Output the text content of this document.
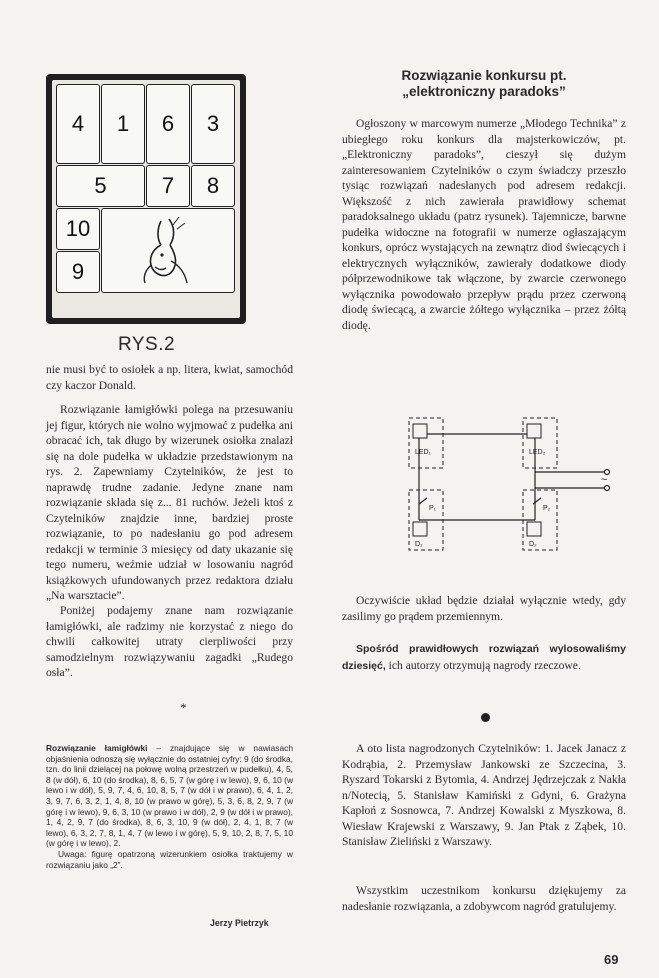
4	1	6	3
5	7	8
10
9
RYS.2

nie musi być to osiołek a np. litera, kwiat, samochód czy kaczor Donald.

Rozwiązanie łamigłówki polega na przesuwaniu jej figur, których nie wolno wyjmować z pudełka ani obracać ich, tak długo by wizerunek osiołka znalazł się na dole pudełka w układzie przedstawionym na rys. 2. Zapewniamy Czytelników, że jest to naprawdę trudne zadanie. Jedyne znane nam rozwiązanie składa się z... 81 ruchów. Jeżeli ktoś z Czytelników znajdzie inne, bardziej proste rozwiązanie, to po nadesłaniu go pod adresem redakcji w terminie 3 miesięcy od daty ukazanie się tego numeru, weźmie udział w losowaniu nagród książkowych ufundowanych przez redaktora działu „Na warsztacie”.

Poniżej podajemy znane nam rozwiązanie łamigłówki, ale radzimy nie korzystać z niego do chwili całkowitej utraty cierpliwości przy samodzielnym rozwiązywaniu zagadki „Rudego osła”.

*

Rozwiązanie łamigłówki – znajdujące się w nawiasach objaśnienia odnoszą się wyłącznie do ostatniej cyfry: 9 (do środka, tzn. do linii dzielącej na połowę wolną przestrzeń w pudełku), 4, 5, 8 (w dół), 6, 10 (do środka), 8, 6, 5, 7 (w górę i w lewo), 9, 6, 10 (w lewo i w dół), 5, 9, 7, 4, 6, 10, 8, 5, 7 (w dół i w prawo), 6, 4, 1, 2, 3, 9, 7, 6, 3, 2, 1, 4, 8, 10 (w prawo w górę), 5, 3, 6, 8, 2, 9, 7 (w górę i w lewo), 9, 6, 3, 10 (w prawo i w dół), 2, 9 (w dół i w prawo), 1, 4, 2, 9, 7 (do środka), 8, 6, 3, 10, 9 (w dół), 2, 4, 1, 8, 7 (w lewo), 6, 3, 2, 7, 8, 1, 4, 7 (w lewo i w górę), 5, 9, 10, 2, 8, 7, 5, 10 (w górę i w lewo), 2.

Uwaga: figurę opatrzoną wizerunkiem osiołka traktujemy w rozwiązaniu jako „2”.

Jerzy Pietrzyk
Rozwiązanie konkursu pt.
„elektroniczny paradoks”

Ogłoszony w marcowym numerze „Młodego Technika” z ubiegłego roku konkurs dla majsterkowiczów, pt. „Elektroniczny paradoks”, cieszył się dużym zainteresowaniem Czytelników o czym świadczy przeszło tysiąc rozwiązań nadesłanych pod adresem redakcji. Większość z nich zawierała prawidłowy schemat paradoksalnego układu (patrz rysunek). Tajemnicze, barwne pudełka widoczne na fotografii w numerze ogłaszającym konkurs, oprócz wystających na zewnątrz diod świecących i elektrycznych wyłączników, zawierały dodatkowe diody półprzewodnikowe tak włączone, by zwarcie czerwonego wyłącznika powodowało przepływ prądu przez czerwoną diodę świecącą, a zwarcie żółtego wyłącznika – przez żółtą diodę.

LED₁	LED₂
D₁	D₂
P₁	P₂
~

Oczywiście układ będzie działał wyłącznie wtedy, gdy zasilimy go prądem przemiennym.

Spośród prawidłowych rozwiązań wylosowaliśmy dziesięć, ich autorzy otrzymują nagrody rzeczowe.

A oto lista nagrodzonych Czytelników: 1. Jacek Janacz z Kodrąbia, 2. Przemysław Jankowski ze Szczecina, 3. Ryszard Tokarski z Bytomia, 4. Andrzej Jędrzejczak z Nakła n/Notecią, 5. Stanisław Kamiński z Gdyni, 6. Grażyna Kapłoń z Sosnowca, 7. Andrzej Kowalski z Myszkowa, 8. Wiesław Krajewski z Warszawy, 9. Jan Ptak z Ząbek, 10. Stanisław Zieliński z Warszawy.

Wszystkim uczestnikom konkursu dziękujemy za nadesłanie rozwiązania, a zdobywcom nagród gratulujemy.

69
